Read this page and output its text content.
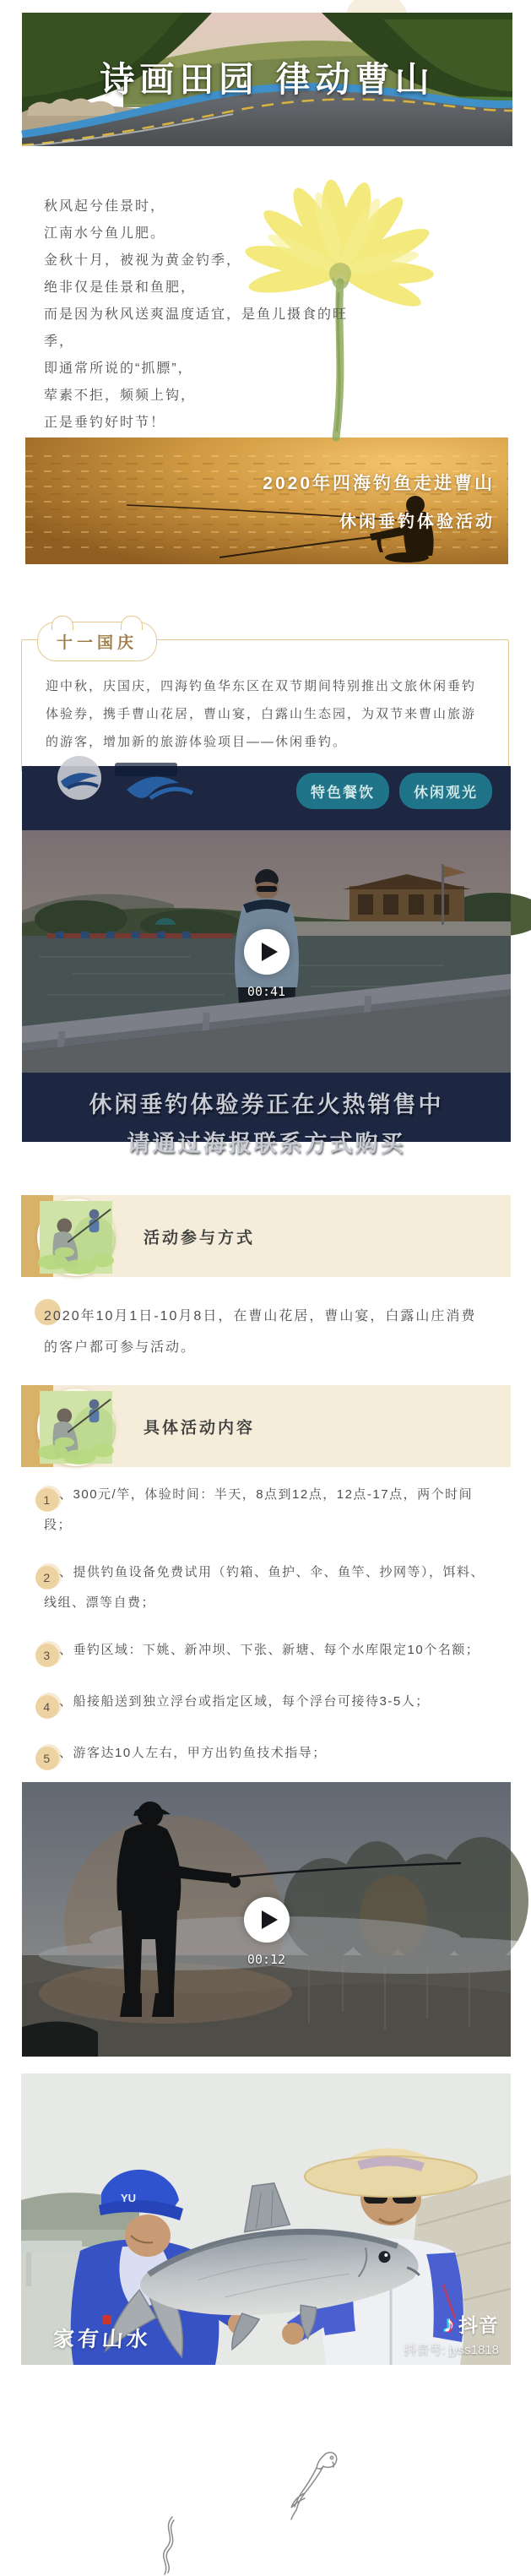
诗画田园 律动曹山
秋风起兮佳景时，
江南水兮鱼儿肥。
金秋十月，被视为黄金钓季，
绝非仅是佳景和鱼肥，
而是因为秋风送爽温度适宜，是鱼儿摄食的旺
季，
即通常所说的“抓膘”，
荤素不拒，频频上钩，
正是垂钓好时节！
2020年四海钓鱼走进曹山
休闲垂钓体验活动
十一国庆

迎中秋，庆国庆，四海钓鱼华东区在双节期间特别推出文旅休闲垂钓体验券，携手曹山花居，曹山宴，白露山生态园，为双节来曹山旅游的游客，增加新的旅游体验项目——休闲垂钓。

特色餐饮	休闲观光
00:41
休闲垂钓体验券正在火热销售中
请通过海报联系方式购买
活动参与方式

2020年10月1日-10月8日，在曹山花居，曹山宴，白露山庄消费的客户都可参与活动。

具体活动内容
1 、300元/竿，体验时间：半天，8点到12点，12点-17点，两个时间段；
2 、提供钓鱼设备免费试用（钓箱、鱼护、伞、鱼竿、抄网等），饵料、线组、漂等自费；
3 、垂钓区域：下姚、新冲坝、下张、新塘、每个水库限定10个名额；
4 、船接船送到独立浮台或指定区域，每个浮台可接待3-5人；
5 、游客达10人左右，甲方出钓鱼技术指导；
00:12
YU
家有山水
♪ 抖音
抖音号: jyss1818
